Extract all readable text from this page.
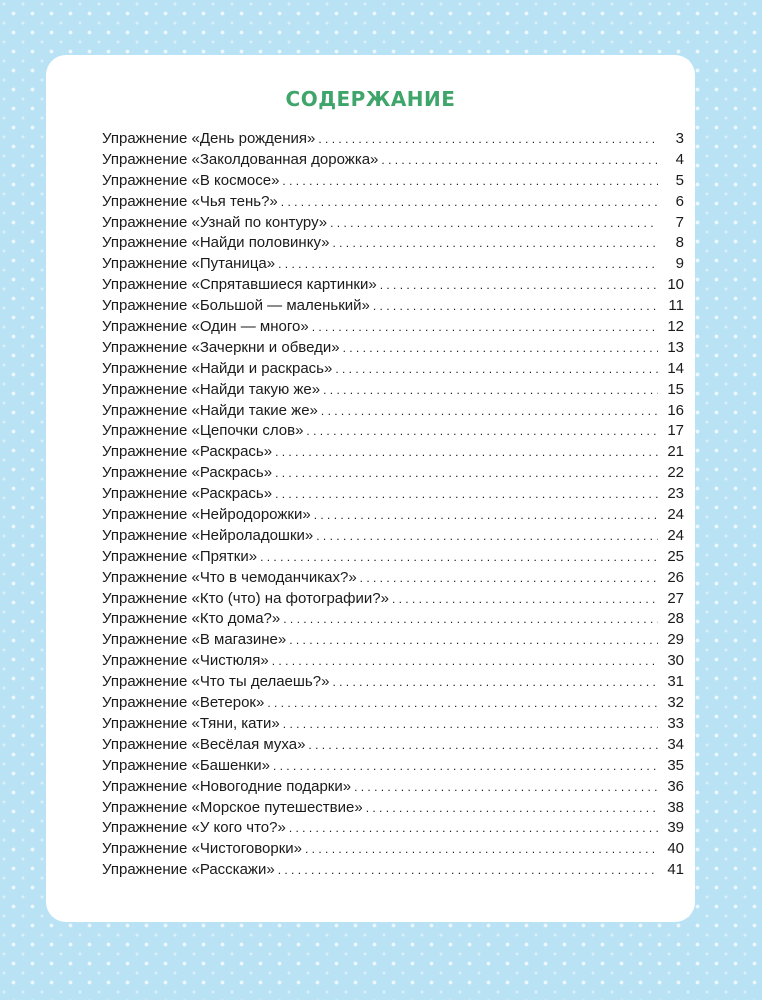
СОДЕРЖАНИЕ
Упражнение «День рождения» . . .	3
Упражнение «Заколдованная дорожка» . . .	4
Упражнение «В космосе» . . .	5
Упражнение «Чья тень?» . . .	6
Упражнение «Узнай по контуру» . . .	7
Упражнение «Найди половинку» . . .	8
Упражнение «Путаница» . . .	9
Упражнение «Спрятавшиеся картинки» . . .	10
Упражнение «Большой — маленький» . . .	11
Упражнение «Один — много» . . .	12
Упражнение «Зачеркни и обведи» . . .	13
Упражнение «Найди и раскрась» . . .	14
Упражнение «Найди такую же» . . .	15
Упражнение «Найди такие же» . . .	16
Упражнение «Цепочки слов» . . .	17
Упражнение «Раскрась» . . .	21
Упражнение «Раскрась» . . .	22
Упражнение «Раскрась» . . .	23
Упражнение «Нейродорожки» . . .	24
Упражнение «Нейроладошки» . . .	24
Упражнение «Прятки» . . .	25
Упражнение «Что в чемоданчиках?» . . .	26
Упражнение «Кто (что) на фотографии?» . . .	27
Упражнение «Кто дома?» . . .	28
Упражнение «В магазине» . . .	29
Упражнение «Чистюля» . . .	30
Упражнение «Что ты делаешь?» . . .	31
Упражнение «Ветерок» . . .	32
Упражнение «Тяни, кати» . . .	33
Упражнение «Весёлая муха» . . .	34
Упражнение «Башенки» . . .	35
Упражнение «Новогодние подарки» . . .	36
Упражнение «Морское путешествие» . . .	38
Упражнение «У кого что?» . . .	39
Упражнение «Чистоговорки» . . .	40
Упражнение «Расскажи» . . .	41
